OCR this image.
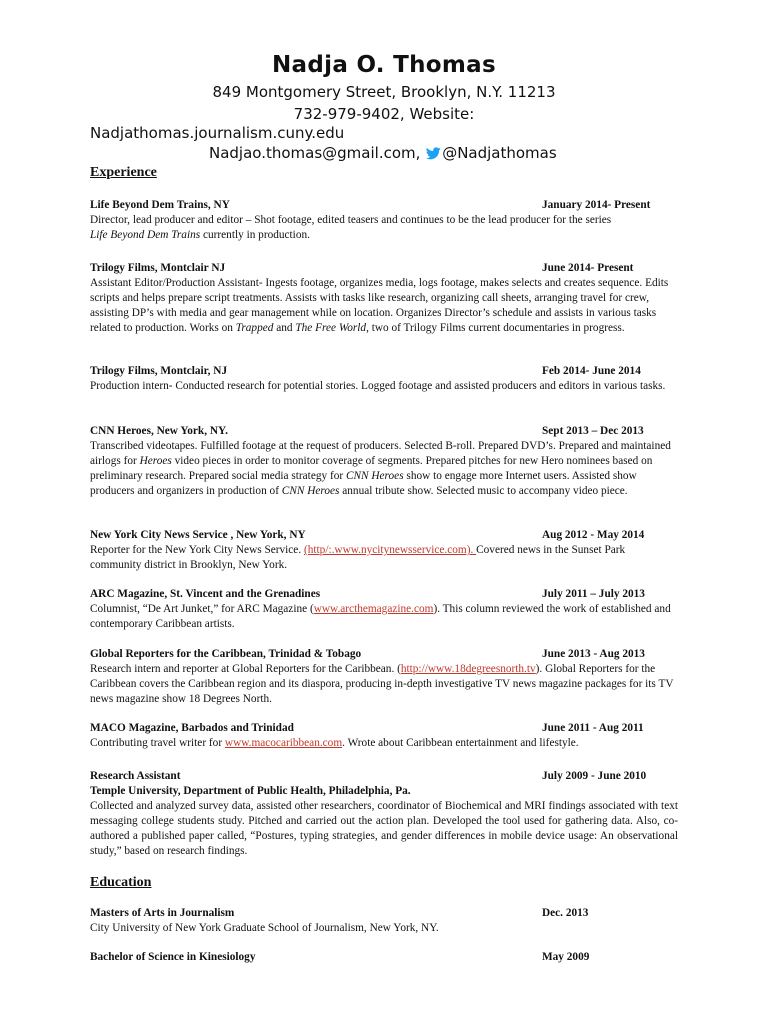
Nadja O. Thomas
849 Montgomery Street, Brooklyn, N.Y. 11213
732-979-9402, Website:
Nadjathomas.journalism.cuny.edu
Nadjao.thomas@gmail.com, @Nadjathomas
Experience
Life Beyond Dem Trains, NY	January 2014- Present

Director, lead producer and editor – Shot footage, edited teasers and continues to be the lead producer for the series
Life Beyond Dem Trains currently in production.

Trilogy Films, Montclair NJ	June 2014- Present

Assistant Editor/Production Assistant- Ingests footage, organizes media, logs footage, makes selects and creates sequence. Edits scripts and helps prepare script treatments. Assists with tasks like research, organizing call sheets, arranging travel for crew, assisting DP’s with media and gear management while on location. Organizes Director’s schedule and assists in various tasks related to production. Works on Trapped and The Free World, two of Trilogy Films current documentaries in progress.

Trilogy Films, Montclair, NJ	Feb 2014- June 2014

Production intern- Conducted research for potential stories. Logged footage and assisted producers and editors in various tasks.

CNN Heroes, New York, NY.	Sept 2013 – Dec 2013

Transcribed videotapes. Fulfilled footage at the request of producers. Selected B-roll. Prepared DVD’s. Prepared and maintained airlogs for Heroes video pieces in order to monitor coverage of segments. Prepared pitches for new Hero nominees based on preliminary research. Prepared social media strategy for CNN Heroes show to engage more Internet users. Assisted show producers and organizers in production of CNN Heroes annual tribute show. Selected music to accompany video piece.

New York City News Service , New York, NY	Aug 2012 - May 2014

Reporter for the New York City News Service. (http/:.www.nycitynewsservice.com). Covered news in the Sunset Park community district in Brooklyn, New York.

ARC Magazine, St. Vincent and the Grenadines	July 2011 – July 2013

Columnist, “De Art Junket,” for ARC Magazine (www.arcthemagazine.com). This column reviewed the work of established and contemporary Caribbean artists.

Global Reporters for the Caribbean, Trinidad & Tobago	June 2013 - Aug 2013

Research intern and reporter at Global Reporters for the Caribbean. (http://www.18degreesnorth.tv). Global Reporters for the Caribbean covers the Caribbean region and its diaspora, producing in-depth investigative TV news magazine packages for its TV news magazine show 18 Degrees North.

MACO Magazine, Barbados and Trinidad	June 2011 - Aug 2011

Contributing travel writer for www.macocaribbean.com. Wrote about Caribbean entertainment and lifestyle.

Research Assistant	July 2009 - June 2010
Temple University, Department of Public Health, Philadelphia, Pa.

Collected and analyzed survey data, assisted other researchers, coordinator of Biochemical and MRI findings associated with text messaging college students study. Pitched and carried out the action plan. Developed the tool used for gathering data. Also, co-authored a published paper called, “Postures, typing strategies, and gender differences in mobile device usage: An observational study,” based on research findings.

Education
Masters of Arts in Journalism	Dec. 2013

City University of New York Graduate School of Journalism, New York, NY.

Bachelor of Science in Kinesiology	May 2009
